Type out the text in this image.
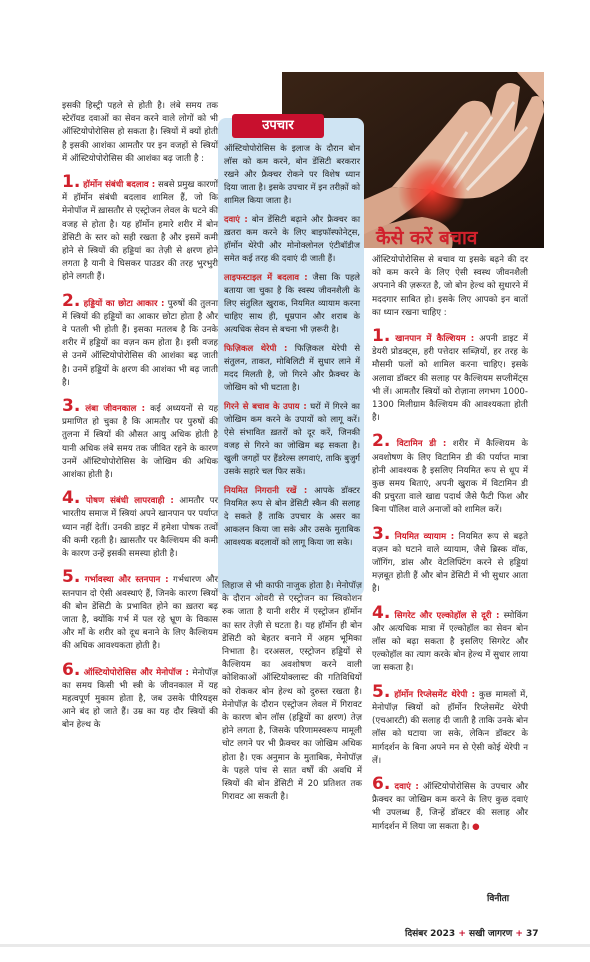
उपचार

ऑस्टियोपोरोसिस के इलाज के दौरान बोन लॉस को कम करने, बोन डेंसिटी बरकरार रखने और फ्रैक्चर रोकने पर विशेष ध्यान दिया जाता है। इसके उपचार में इन तरीक़ों को शामिल किया जाता है।

दवाएं : बोन डेंसिटी बढ़ाने और फ्रैक्चर का ख़तरा कम करने के लिए बाइफॉस्फोनेट्स, हॉर्मोन थेरेपी और मोनोक्लोनल एंटीबॉडीज समेत कई तरह की दवाएं दी जाती हैं।

लाइफस्टाइल में बदलाव : जैसा कि पहले बताया जा चुका है कि स्वस्थ जीवनशैली के लिए संतुलित खुराक, नियमित व्यायाम करना चाहिए साथ ही, धूम्रपान और शराब के अत्यधिक सेवन से बचना भी ज़रूरी है।

फिज़िकल थेरेपी : फिज़िकल थेरेपी से संतुलन, ताकत, मोबिलिटी में सुधार लाने में मदद मिलती है, जो गिरने और फ्रैक्चर के जोखिम को भी घटाता है।

गिरने से बचाव के उपाय : घरों में गिरने का जोखिम कम करने के उपायों को लागू करें। ऐसे संभावित ख़तरों को दूर करें, जिनकी वजह से गिरने का जोखिम बढ़ सकता है। खुली जगहों पर हैंडरेल्स लगवाएं, ताकि बुजुर्ग उसके सहारे चल फिर सकें।

नियमित निगरानी रखें : आपके डॉक्टर नियमित रूप से बोन डेंसिटी स्कैन की सलाह दे सकते हैं ताकि उपचार के असर का आकलन किया जा सके और उसके मुताबिक आवश्यक बदलावों को लागू किया जा सके।

इसकी हिस्ट्री पहले से होती है। लंबे समय तक स्टेरॉयड दवाओं का सेवन करने वाले लोगों को भी ऑस्टियोपोरोसिस हो सकता है। स्त्रियों में क्यों होती है इसकी आशंका आमतौर पर इन वजहों से स्त्रियों में ऑस्टियोपोरोसिस की आशंका बढ़ जाती है :

1. हॉर्मोन संबंधी बदलाव : सबसे प्रमुख कारणों में हॉर्मोन संबंधी बदलाव शामिल हैं, जो कि मेनोपॉज में ख़ासतौर से एस्ट्रोजन लेवल के घटने की वजह से होता है। यह हॉर्मोन हमारे शरीर में बोन डेंसिटी के स्तर को सही रखता है और इसमें कमी होने से स्त्रियों की हड्डियां का तेज़ी से क्षरण होने लगता है यानी वे घिसकर पाउडर की तरह भुरभुरी होने लगती हैं।

2. हड्डियों का छोटा आकार : पुरुषों की तुलना में स्त्रियों की हड्डियों का आकार छोटा होता है और वे पतली भी होती हैं। इसका मतलब है कि उनके शरीर में हड्डियों का वज़न कम होता है। इसी वजह से उनमें ऑस्टियोपोरोसिस की आशंका बढ़ जाती है। उनमें हड्डियों के क्षरण की आशंका भी बढ़ जाती है।

3. लंबा जीवनकाल : कई अध्ययनों से यह प्रमाणित हो चुका है कि आमतौर पर पुरुषों की तुलना में स्त्रियों की औसत आयु अधिक होती है यानी अधिक लंबे समय तक जीवित रहने के कारण उनमें ऑस्टियोपोरोसिस के जोखिम की अधिक आशंका होती है।

4. पोषण संबंधी लापरवाही : आमतौर पर भारतीय समाज में स्त्रियां अपने खानपान पर पर्याप्त ध्यान नहीं देतीं। उनकी डाइट में हमेशा पोषक तत्वों की कमी रहती है। ख़ासतौर पर कैल्शियम की कमी के कारण उन्हें इसकी समस्या होती है।

5. गर्भावस्था और स्तनपान : गर्भधारण और स्तनपान दो ऐसी अवस्थाएं हैं, जिनके कारण स्त्रियों की बोन डेंसिटी के प्रभावित होने का ख़तरा बढ़ जाता है, क्योंकि गर्भ में पल रहे भ्रूण के विकास और माँ के शरीर को दूध बनाने के लिए कैल्शियम की अधिक आवश्यकता होती है।

6. ऑस्टियोपोरोसिस और मेनोपॉज : मेनोपॉज़ का समय किसी भी स्त्री के जीवनकाल में यह महत्वपूर्ण मुकाम होता है, जब उसके पीरियड्स आने बंद हो जाते हैं। उम्र का यह दौर स्त्रियों की बोन हेल्थ के

लिहाज से भी काफी नाजुक होता है। मेनोपॉज़ के दौरान ओवरी से एस्ट्रोजन का स्त्रिकोशन रुक जाता है यानी शरीर में एस्ट्रोजन हॉर्मोन का स्तर तेज़ी से घटता है। यह हॉर्मोन ही बोन डेंसिटी को बेहतर बनाने में अहम भूमिका निभाता है। दरअसल, एस्ट्रोजन हड्डियों से कैल्शियम का अवशोषण करने वाली कोशिकाओं ऑस्टियोक्लास्ट की गतिविधियों को रोककर बोन हेल्थ को दुरुस्त रखता है। मेनोपॉज़ के दौरान एस्ट्रोजन लेवल में गिरावट के कारण बोन लॉस (हड्डियों का क्षरण) तेज़ होने लगता है, जिसके परिणामस्वरूप मामूली चोट लगने पर भी फ्रैक्चर का जोखिम अधिक होता है। एक अनुमान के मुताबिक, मेनोपॉज़ के पहले पांच से सात वर्षों की अवधि में स्त्रियों की बोन डेंसिटी में 20 प्रतिशत तक गिरावट आ सकती है।

कैसे करें बचाव

ऑस्टियोपोरोसिस से बचाव या इसके बढ़ने की दर को कम करने के लिए ऐसी स्वस्थ जीवनशैली अपनाने की ज़रूरत है, जो बोन हेल्थ को सुधारने में मददगार साबित हो। इसके लिए आपको इन बातों का ध्यान रखना चाहिए :

1. खानपान में कैल्शियम : अपनी डाइट में डेयरी प्रोडक्ट्स, हरी पत्तेदार सब्ज़ियों, हर तरह के मौसमी फलों को शामिल करना चाहिए। इसके अलावा डॉक्टर की सलाह पर कैल्शियम सप्लीमेंट्स भी लें। आमतौर स्त्रियों को रोज़ाना लगभग 1000-1300 मिलीग्राम कैल्शियम की आवश्यकता होती है।

2. विटामिन डी : शरीर में कैल्शियम के अवशोषण के लिए विटामिन डी की पर्याप्त मात्रा होनी आवश्यक है इसलिए नियमित रूप से धूप में कुछ समय बिताएं, अपनी खुराक में विटामिन डी की प्रचुरता वाले खाद्य पदार्थ जैसे फैटी फिश और बिना पॉलिश वाले अनाजों को शामिल करें।

3. नियमित व्यायाम : नियमित रूप से बढ़ते वज़न को घटाने वाले व्यायाम, जैसे ब्रिस्क वॉक, जॉगिंग, डांस और वेटलिफ्टिंग करने से हड्डियां मज़बूत होती हैं और बोन डेंसिटी में भी सुधार आता है।

4. सिगरेट और एल्कोहॉल से दूरी : स्मोकिंग और अत्यधिक मात्रा में एल्कोहॉल का सेवन बोन लॉस को बढ़ा सकता है इसलिए सिगरेट और एल्कोहॉल का त्याग करके बोन हेल्थ में सुधार लाया जा सकता है।

5. हॉर्मोन रिप्लेसमेंट थेरेपी : कुछ मामलों में, मेनोपॉज़ स्त्रियों को हॉर्मोन रिप्लेसमेंट थेरेपी (एचआरटी) की सलाह दी जाती है ताकि उनके बोन लॉस को घटाया जा सके, लेकिन डॉक्टर के मार्गदर्शन के बिना अपने मन से ऐसी कोई थेरेपी न लें।

6. दवाएं : ऑस्टियोपोरोसिस के उपचार और फ्रैक्चर का जोखिम कम करने के लिए कुछ दवाएं भी उपलब्ध हैं, जिन्हें डॉक्टर की सलाह और मार्गदर्शन में लिया जा सकता है। ●

विनीता
दिसंबर 2023 + सखी जागरण + 37
